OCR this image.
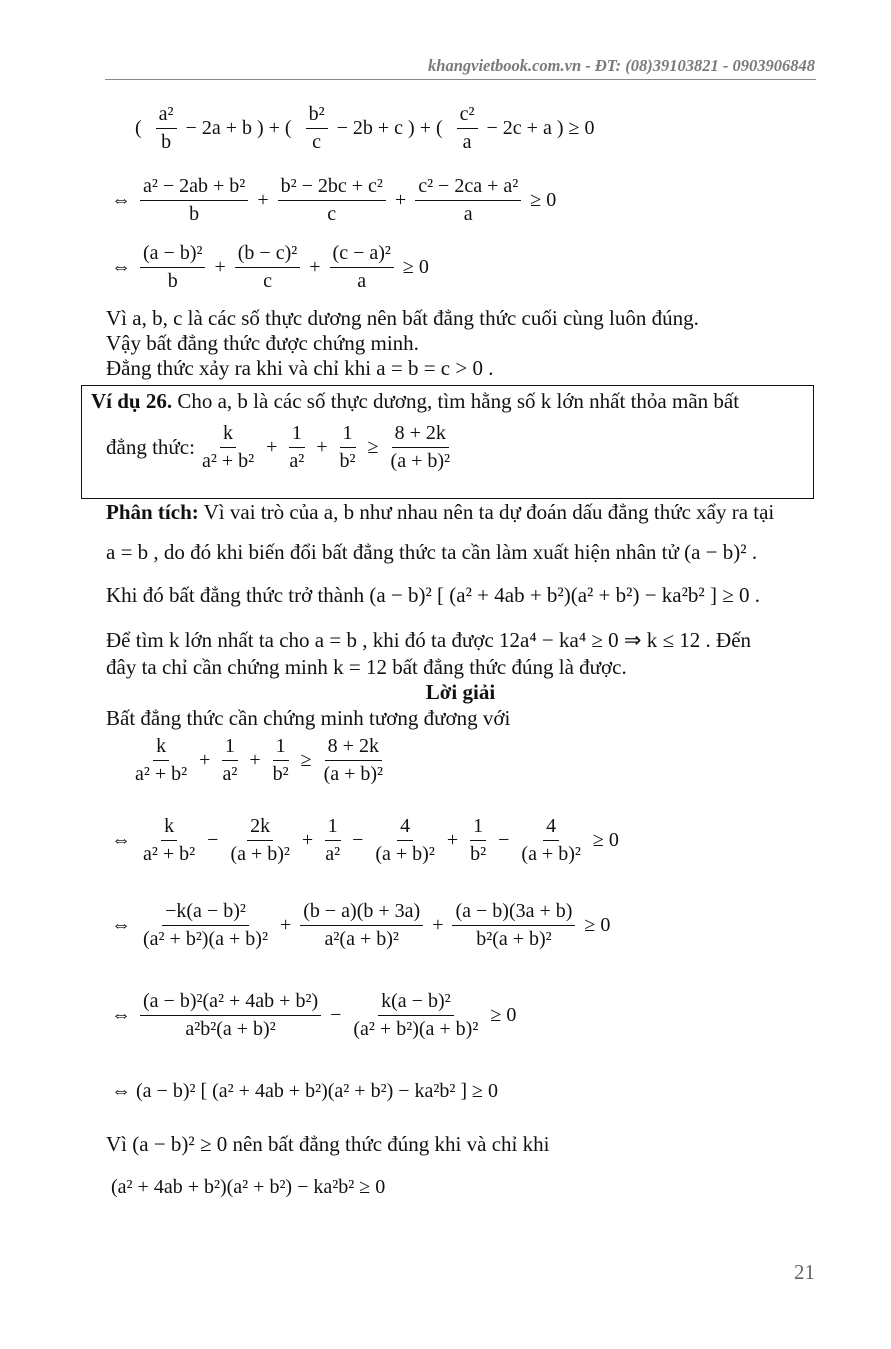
khangvietbook.com.vn - ĐT: (08)39103821 - 0903906848
( $\frac{\text{a²}}{b} - 2a + b$ ) + ( $\frac{\text{b²}}{c} - 2b + c$ ) + ( $\frac{\text{c²}}{a} - 2c + a$ ) ≥ 0
⇔ $\frac{\text{a² − 2ab + b²}}{b} + \frac{\text{b² − 2bc + c²}}{c} + \frac{\text{c² − 2ca + a²}}{a} \ge 0$
⇔ $\frac{\text{(a − b)²}}{b} + \frac{\text{(b − c)²}}{c} + \frac{\text{(c − a)²}}{a} \ge 0$
Vì a, b, c là các số thực dương nên bất đẳng thức cuối cùng luôn đúng.
Vậy bất đẳng thức được chứng minh.
Đẳng thức xảy ra khi và chỉ khi a = b = c > 0 .
Ví dụ 26. Cho a, b là các số thực dương, tìm hằng số k lớn nhất thỏa mãn bất
đẳng thức: $\frac{k}{\text{a² + b²}} + \frac{1}{\text{a²}} + \frac{1}{\text{b²}} \ge \frac{8 + 2k}{\text{(a + b)²}}$
Phân tích: Vì vai trò của a, b như nhau nên ta dự đoán dấu đẳng thức xẩy ra tại
a = b , do đó khi biến đổi bất đẳng thức ta cần làm xuất hiện nhân tử (a − b)² .
Khi đó bất đẳng thức trở thành (a − b)² [ (a² + 4ab + b²)(a² + b²) − ka²b² ] ≥ 0 .
Để tìm k lớn nhất ta cho a = b , khi đó ta được 12a⁴ − ka⁴ ≥ 0 ⇒ k ≤ 12 . Đến
đây ta chỉ cần chứng minh k = 12 bất đẳng thức đúng là được.
Lời giải
Bất đẳng thức cần chứng minh tương đương với
$\frac{k}{\text{a² + b²}} + \frac{1}{\text{a²}} + \frac{1}{\text{b²}} \ge \frac{8 + 2k}{\text{(a + b)²}}$
⇔ $\frac{k}{\text{a² + b²}} - \frac{2k}{\text{(a + b)²}} + \frac{1}{\text{a²}} - \frac{4}{\text{(a + b)²}} + \frac{1}{\text{b²}} - \frac{4}{\text{(a + b)²}} \ge 0$
⇔ $\frac{\text{−k(a − b)²}}{\text{(a² + b²)(a + b)²}} + \frac{(b - a)(b + 3a)}{\text{a²(a + b)²}} + \frac{(a - b)(3a + b)}{\text{b²(a + b)²}} \ge 0$
⇔ $\frac{\text{(a − b)²(a² + 4ab + b²)}}{\text{a²b²(a + b)²}} - \frac{\text{k(a − b)²}}{\text{(a² + b²)(a + b)²}} \ge 0$
⇔ (a − b)² [ (a² + 4ab + b²)(a² + b²) − ka²b² ] ≥ 0
Vì (a − b)² ≥ 0 nên bất đẳng thức đúng khi và chỉ khi
(a² + 4ab + b²)(a² + b²) − ka²b² ≥ 0
21
